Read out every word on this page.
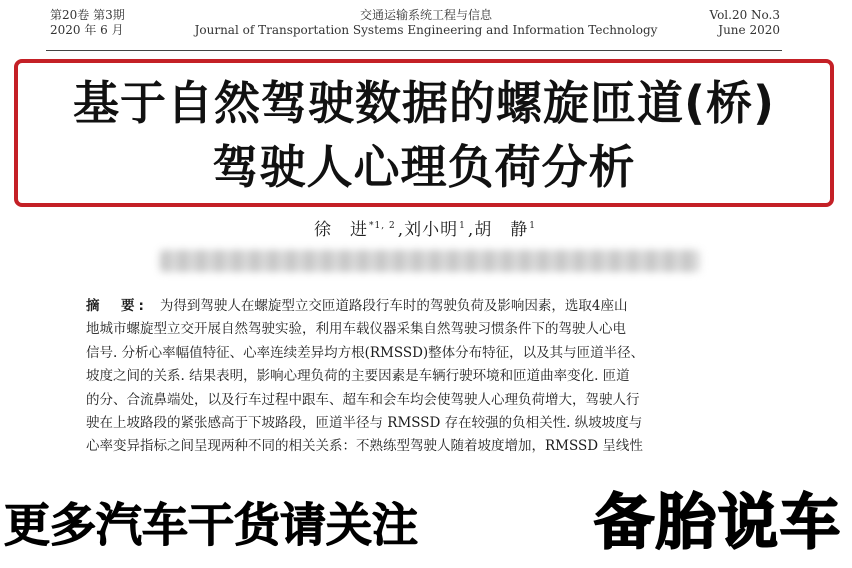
第20卷 第3期
2020 年 6 月
交通运输系统工程与信息
Journal of Transportation Systems Engineering and Information Technology
Vol.20 No.3
June 2020
基于自然驾驶数据的螺旋匝道(桥)
驾驶人心理负荷分析
徐　进$^{*1, 2}$ ,刘小明$^1$ ,胡　静$^1$
摘　要: 为得到驾驶人在螺旋型立交匝道路段行车时的驾驶负荷及影响因素，选取4座山
地城市螺旋型立交开展自然驾驶实验，利用车载仪器采集自然驾驶习惯条件下的驾驶人心电
信号. 分析心率幅值特征、心率连续差异均方根(RMSSD)整体分布特征，以及其与匝道半径、
坡度之间的关系. 结果表明，影响心理负荷的主要因素是车辆行驶环境和匝道曲率变化. 匝道
的分、合流鼻端处，以及行车过程中跟车、超车和会车均会使驾驶人心理负荷增大，驾驶人行
驶在上坡路段的紧张感高于下坡路段，匝道半径与 RMSSD 存在较强的负相关性. 纵坡坡度与
心率变异指标之间呈现两种不同的相关关系：不熟练型驾驶人随着坡度增加，RMSSD 呈线性
更多汽车干货请关注	备胎说车
